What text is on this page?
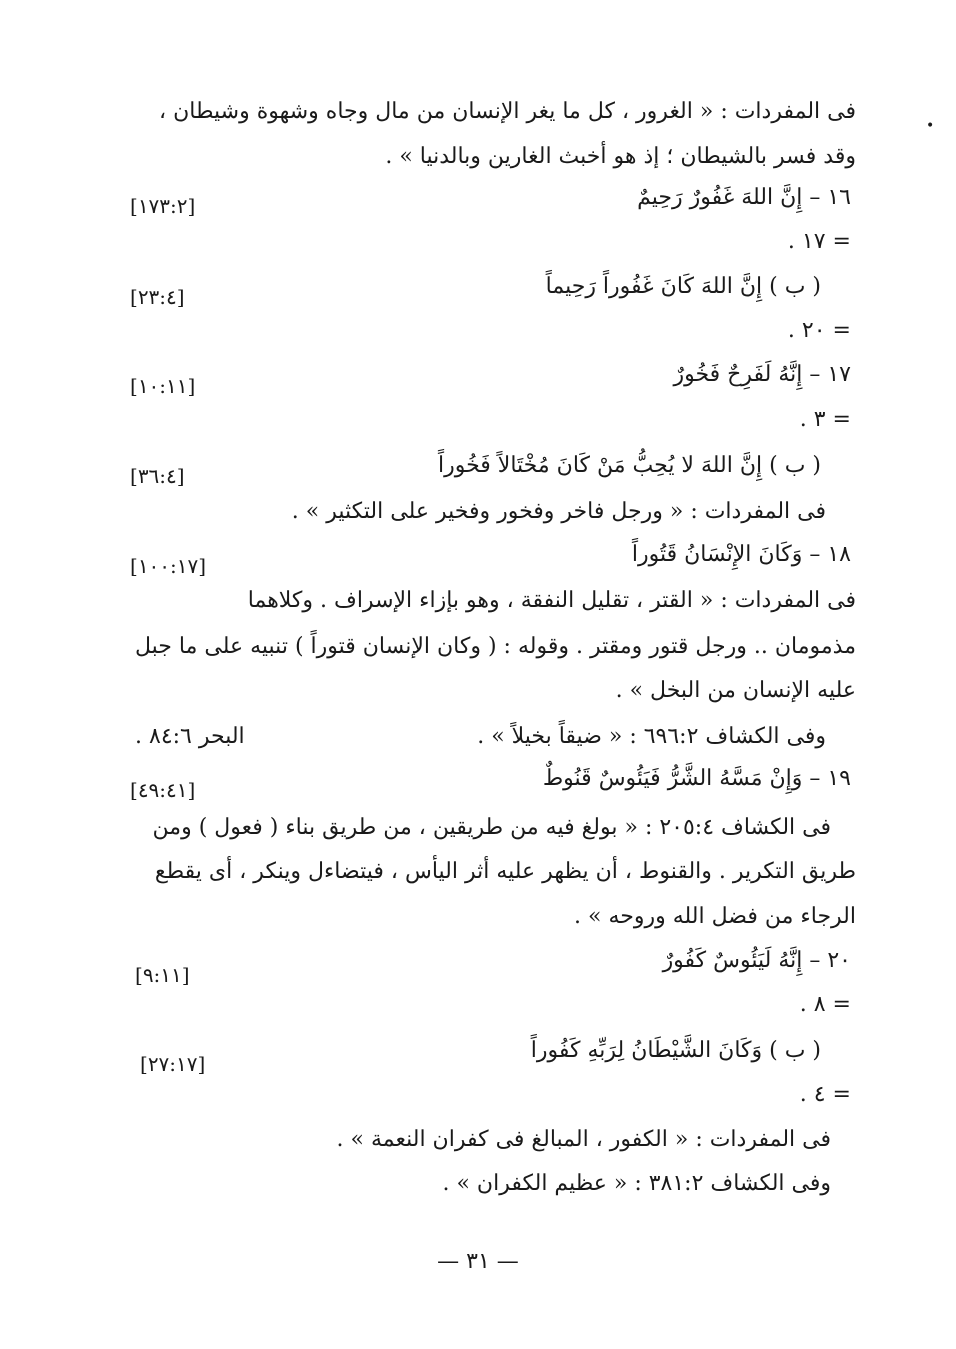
•
فى المفردات : « الغرور ، كل ما يغر الإنسان من مال وجاه وشهوة وشيطان ،
وقد فسر بالشيطان ؛ إذ هو أخبث الغارين وبالدنيا » .
١٦ – إِنَّ اللهَ غَفُورٌ رَحِيمٌ
[١٧٣:٢]
= ١٧ .
( ب ) إِنَّ اللهَ كَانَ غَفُوراً رَحِيماً
[٢٣:٤]
= ٢٠ .
١٧ – إِنَّهُ لَفَرِحٌ فَخُورٌ
[١٠:١١]
= ٣ .
( ب ) إِنَّ اللهَ لا يُحِبُّ مَنْ كَانَ مُخْتَالاً فَخُوراً
[٣٦:٤]
فى المفردات : « ورجل فاخر وفخور وفخير على التكثير » .
١٨ – وَكَانَ الإِنْسَانُ قَتُوراً
[١٠٠:١٧]
فى المفردات : « القتر ، تقليل النفقة ، وهو بإزاء الإسراف . وكلاهما
مذمومان .. ورجل قتور ومقتر . وقوله : ( وكان الإنسان قتوراً ) تنبيه على ما جبل
عليه الإنسان من البخل » .
وفى الكشاف ٦٩٦:٢ : « ضيقاً بخيلاً » .
البحر ٨٤:٦ .
١٩ – وَإِنْ مَسَّهُ الشَّرُّ فَيَئُوسٌ قَنُوطٌ
[٤٩:٤١]
فى الكشاف ٢٠٥:٤ : « بولغ فيه من طريقين ، من طريق بناء ( فعول ) ومن
طريق التكرير . والقنوط ، أن يظهر عليه أثر اليأس ، فيتضاءل وينكر ، أى يقطع
الرجاء من فضل الله وروحه » .
٢٠ – إِنَّهُ لَيَئُوسٌ كَفُورٌ
[٩:١١]
= ٨ .
( ب ) وَكَانَ الشَّيْطَانُ لِرَبِّهِ كَفُوراً
[٢٧:١٧]
= ٤ .
فى المفردات : « الكفور ، المبالغ فى كفران النعمة » .
وفى الكشاف ٣٨١:٢ : « عظيم الكفران » .
— ٣١ —
